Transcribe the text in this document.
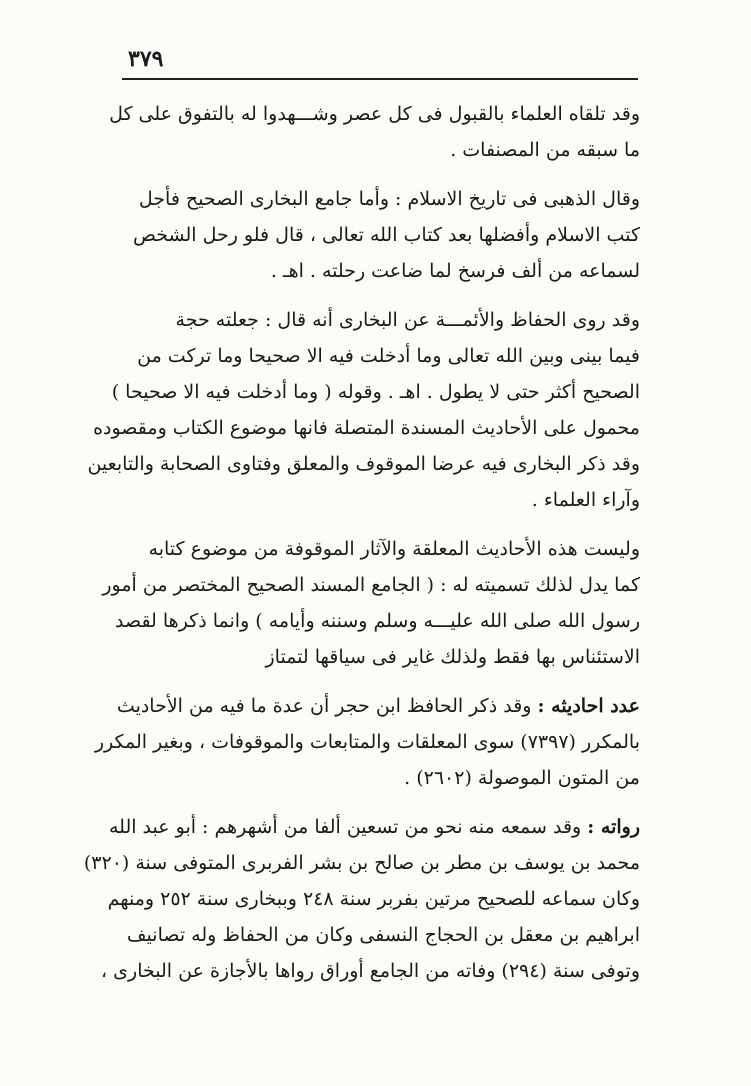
٣٧٩

وقد تلقاه العلماء بالقبول فى كل عصر وشـــهدوا له بالتفوق على كل
ما سبقه من المصنفات .

وقال الذهبى فى تاريخ الاسلام : وأما جامع البخارى الصحيح فأجل
كتب الاسلام وأفضلها بعد كتاب الله تعالى ، قال فلو رحل الشخص
لسماعه من ألف فرسخ لما ضاعت رحلته . اهـ .

وقد روى الحفاظ والأئمـــة عن البخارى أنه قال : جعلته حجة
فيما بينى وبين الله تعالى وما أدخلت فيه الا صحيحا وما تركت من
الصحيح أكثر حتى لا يطول . اهـ . وقوله ( وما أدخلت فيه الا صحيحا )
محمول على الأحاديث المسندة المتصلة فانها موضوع الكتاب ومقصوده
وقد ذكر البخارى فيه عرضا الموقوف والمعلق وفتاوى الصحابة والتابعين
وآراء العلماء .

وليست هذه الأحاديث المعلقة والآثار الموقوفة من موضوع كتابه
كما يدل لذلك تسميته له : ( الجامع المسند الصحيح المختصر من أمور
رسول الله صلى الله عليـــه وسلم وسننه وأيامه ) وانما ذكرها لقصد
الاستئناس بها فقط ولذلك غاير فى سياقها لتمتاز

عدد احاديثه : وقد ذكر الحافظ ابن حجر أن عدة ما فيه من الأحاديث
بالمكرر (٧٣٩٧) سوى المعلقات والمتابعات والموقوفات ، وبغير المكرر
من المتون الموصولة (٢٦٠٢) .

رواته : وقد سمعه منه نحو من تسعين ألفا من أشهرهم : أبو عبد الله
محمد بن يوسف بن مطر بن صالح بن بشر الفربرى المتوفى سنة (٣٢٠)
وكان سماعه للصحيح مرتين بفربر سنة ٢٤٨ وببخارى سنة ٢٥٢ ومنهم
ابراهيم بن معقل بن الحجاج النسفى وكان من الحفاظ وله تصانيف
وتوفى سنة (٢٩٤) وفاته من الجامع أوراق رواها بالأجازة عن البخارى ،
